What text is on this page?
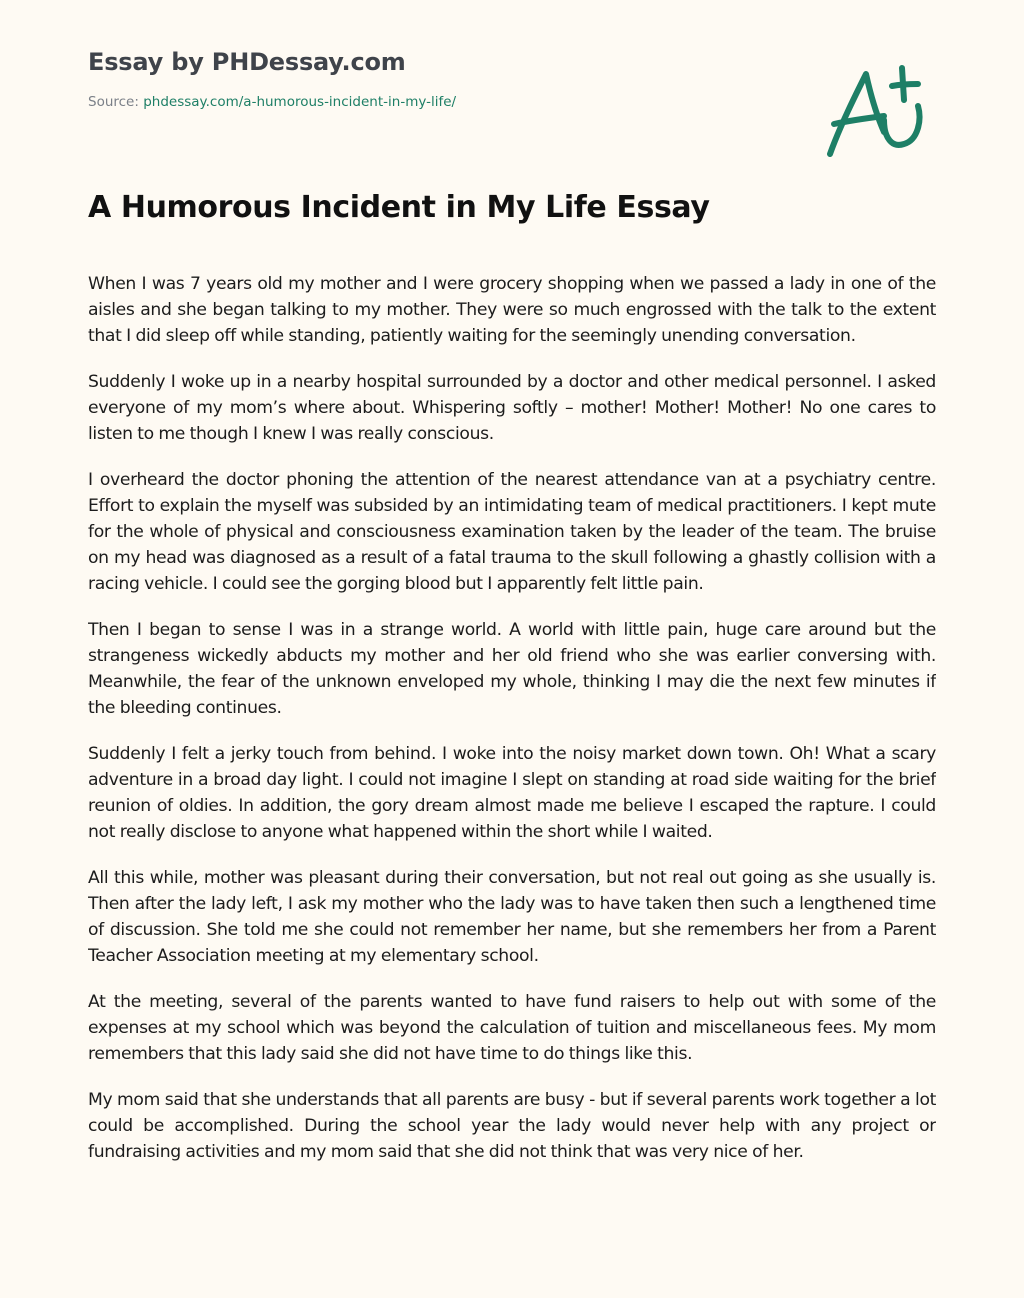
Essay by PHDessay.com
Source: phdessay.com/a-humorous-incident-in-my-life/
A Humorous Incident in My Life Essay

When I was 7 years old my mother and I were grocery shopping when we passed a lady in one of the aisles and she began talking to my mother. They were so much engrossed with the talk to the extent that I did sleep off while standing, patiently waiting for the seemingly unending conversation.

Suddenly I woke up in a nearby hospital surrounded by a doctor and other medical personnel. I asked everyone of my mom’s where about. Whispering softly – mother! Mother! Mother! No one cares to listen to me though I knew I was really conscious.

I overheard the doctor phoning the attention of the nearest attendance van at a psychiatry centre. Effort to explain the myself was subsided by an intimidating team of medical practitioners. I kept mute for the whole of physical and consciousness examination taken by the leader of the team. The bruise on my head was diagnosed as a result of a fatal trauma to the skull following a ghastly collision with a racing vehicle. I could see the gorging blood but I apparently felt little pain.

Then I began to sense I was in a strange world. A world with little pain, huge care around but the strangeness wickedly abducts my mother and her old friend who she was earlier conversing with. Meanwhile, the fear of the unknown enveloped my whole, thinking I may die the next few minutes if the bleeding continues.

Suddenly I felt a jerky touch from behind. I woke into the noisy market down town. Oh! What a scary adventure in a broad day light. I could not imagine I slept on standing at road side waiting for the brief reunion of oldies. In addition, the gory dream almost made me believe I escaped the rapture. I could not really disclose to anyone what happened within the short while I waited.

All this while, mother was pleasant during their conversation, but not real out going as she usually is. Then after the lady left, I ask my mother who the lady was to have taken then such a lengthened time of discussion. She told me she could not remember her name, but she remembers her from a Parent Teacher Association meeting at my elementary school.

At the meeting, several of the parents wanted to have fund raisers to help out with some of the expenses at my school which was beyond the calculation of tuition and miscellaneous fees. My mom remembers that this lady said she did not have time to do things like this.

My mom said that she understands that all parents are busy - but if several parents work together a lot could be accomplished. During the school year the lady would never help with any project or fundraising activities and my mom said that she did not think that was very nice of her.
